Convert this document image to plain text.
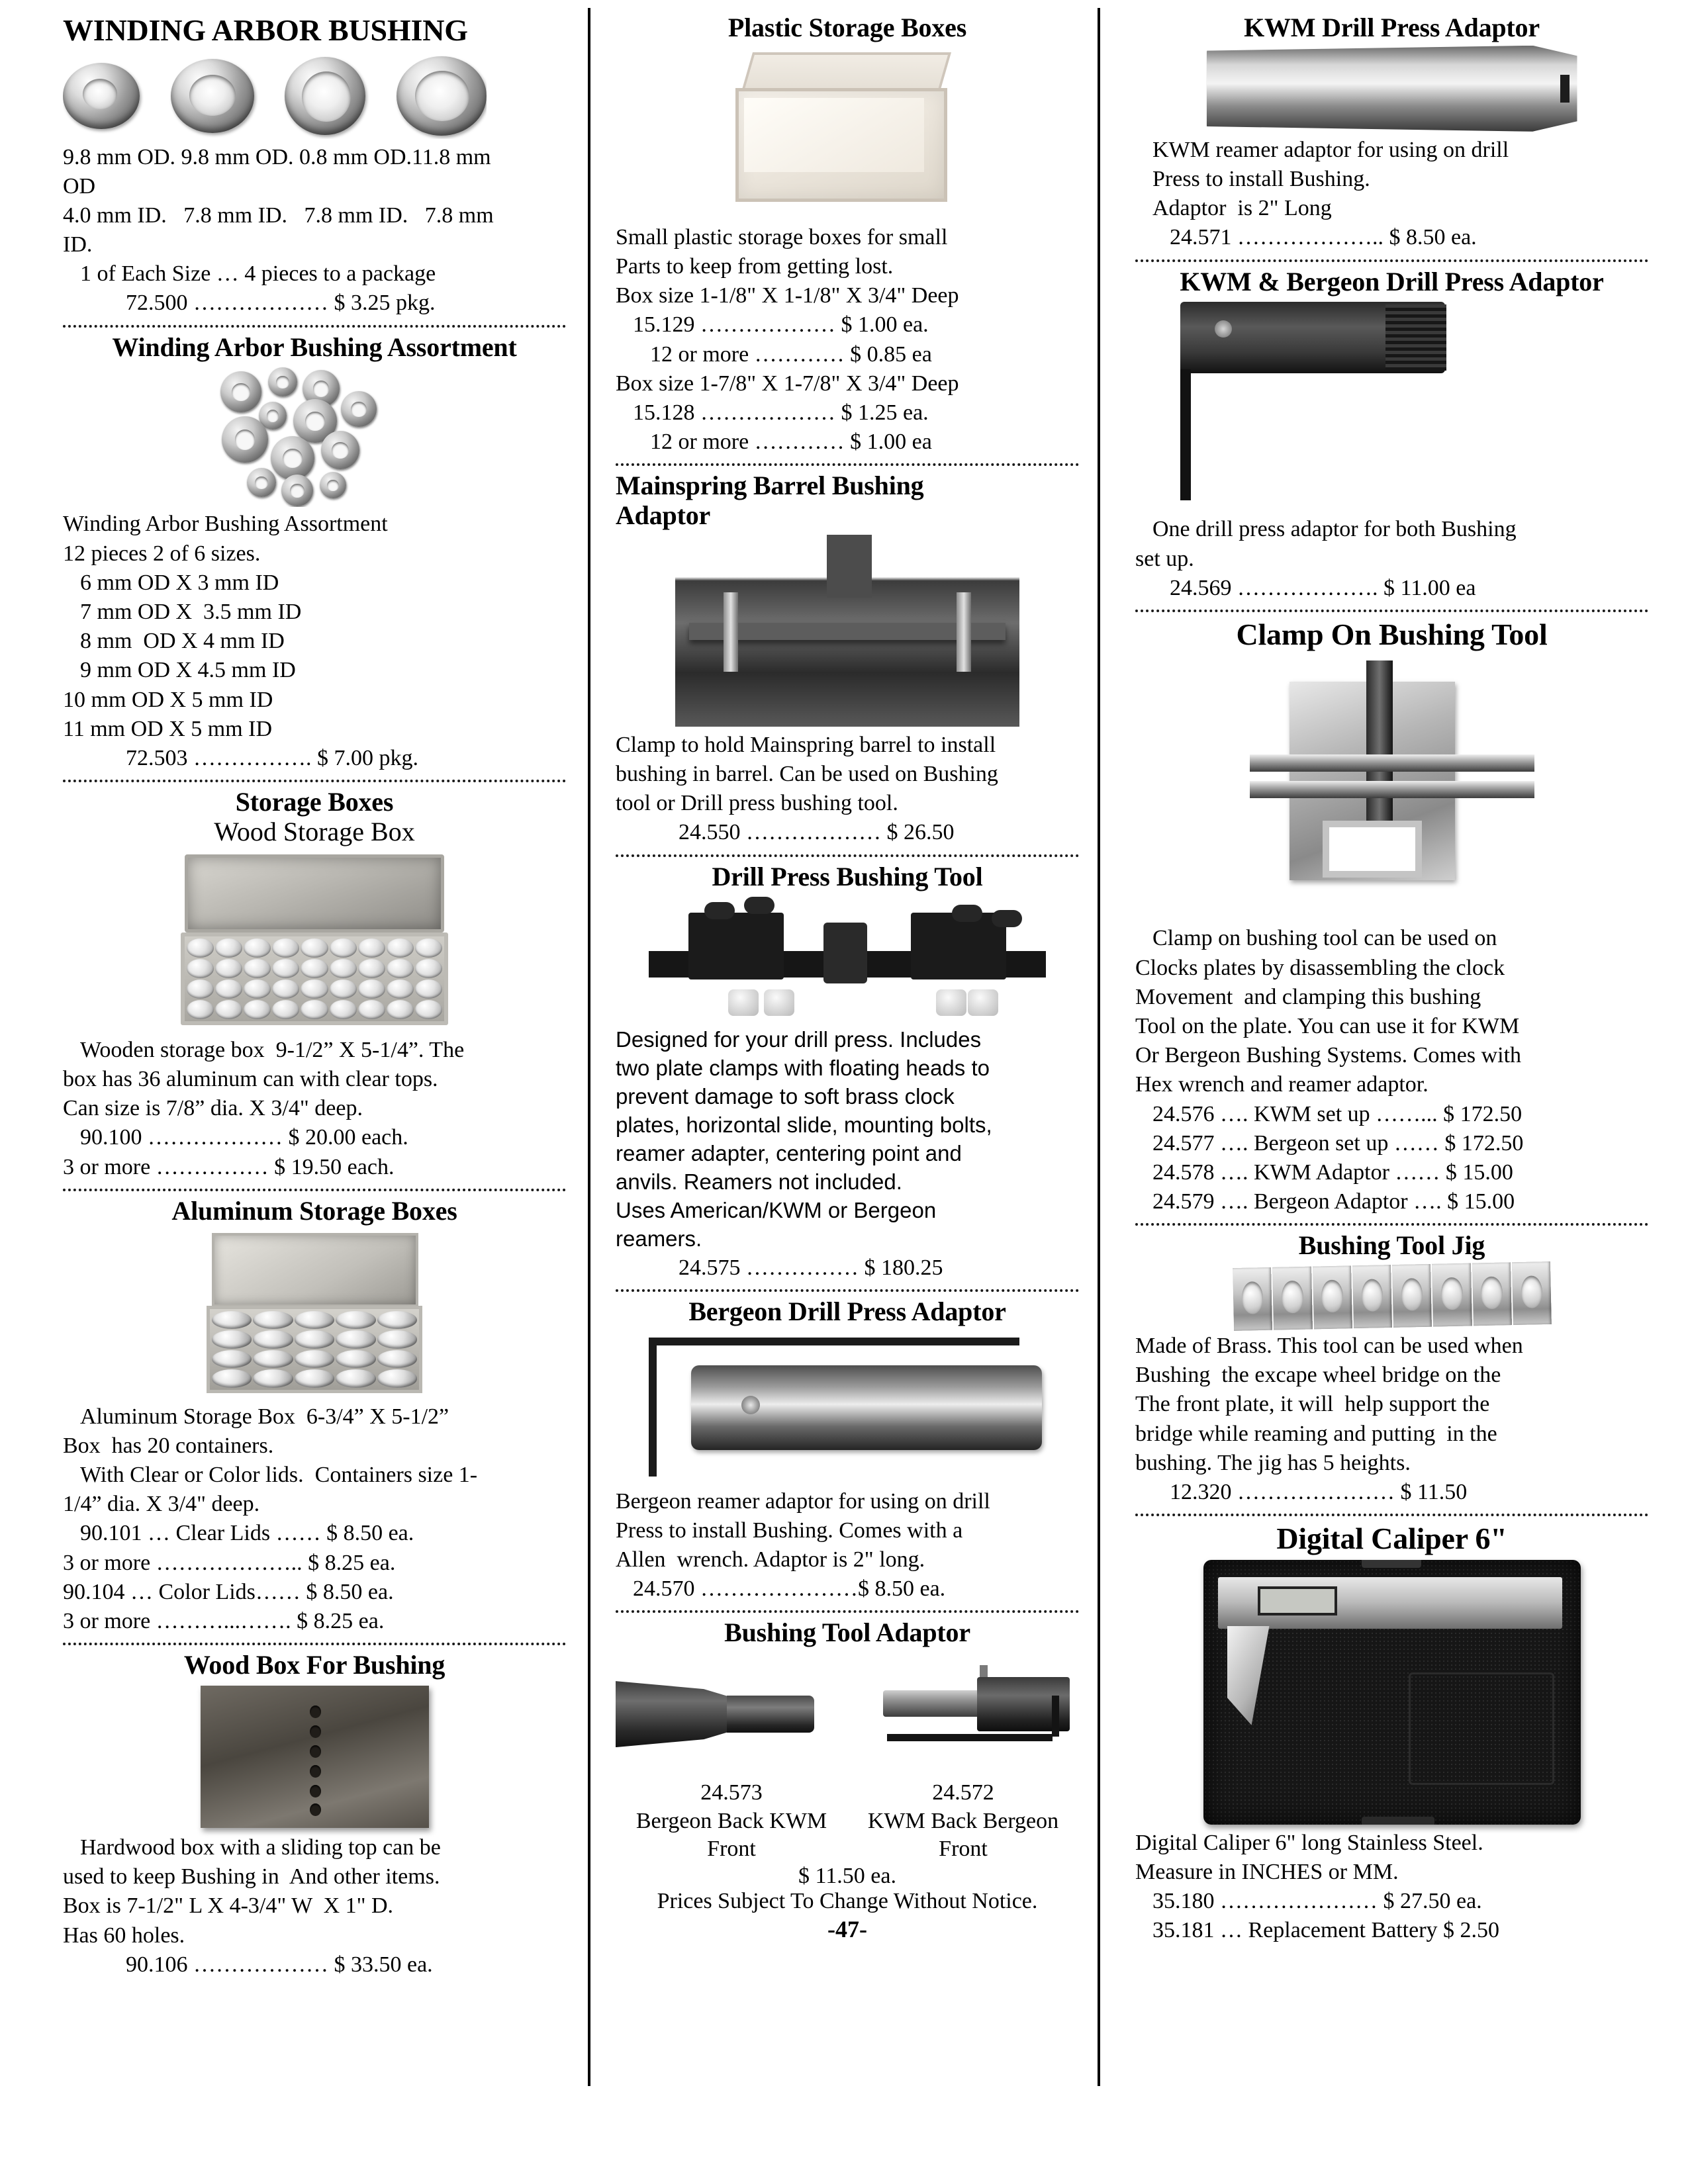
WINDING ARBOR BUSHING
9.8 mm OD. 9.8 mm OD. 0.8 mm OD.11.8 mm
OD
4.0 mm ID.   7.8 mm ID.   7.8 mm ID.   7.8 mm
ID.
1 of Each Size … 4 pieces to a package
72.500 ……………… $ 3.25 pkg.
Winding Arbor Bushing Assortment
Winding Arbor Bushing Assortment
12 pieces 2 of 6 sizes.
6 mm OD X 3 mm ID
7 mm OD X  3.5 mm ID
8 mm  OD X 4 mm ID
9 mm OD X 4.5 mm ID
10 mm OD X 5 mm ID
11 mm OD X 5 mm ID
72.503 ……………. $ 7.00 pkg.
Storage Boxes
Wood Storage Box
Wooden storage box  9-1/2” X 5-1/4”. The
box has 36 aluminum can with clear tops.
Can size is 7/8” dia. X 3/4" deep.
90.100 ……………… $ 20.00 each.
3 or more …………… $ 19.50 each.
Aluminum Storage Boxes
Aluminum Storage Box  6-3/4” X 5-1/2”
Box  has 20 containers.
With Clear or Color lids.  Containers size 1-
1/4” dia. X 3/4" deep.
90.101 … Clear Lids …… $ 8.50 ea.
3 or more ……………….. $ 8.25 ea.
90.104 … Color Lids…… $ 8.50 ea.
3 or more ………...……. $ 8.25 ea.
Wood Box For Bushing
Hardwood box with a sliding top can be
used to keep Bushing in  And other items.
Box is 7-1/2" L X 4-3/4" W  X 1" D.
Has 60 holes.
90.106 ……………… $ 33.50 ea.
Plastic Storage Boxes
Small plastic storage boxes for small
Parts to keep from getting lost.
Box size 1-1/8" X 1-1/8" X 3/4" Deep
15.129 ……………… $ 1.00 ea.
12 or more ………… $ 0.85 ea
Box size 1-7/8" X 1-7/8" X 3/4" Deep
15.128 ……………… $ 1.25 ea.
12 or more ………… $ 1.00 ea
Mainspring Barrel Bushing
Adaptor
Clamp to hold Mainspring barrel to install
bushing in barrel. Can be used on Bushing
tool or Drill press bushing tool.
24.550 ……………… $ 26.50
Drill Press Bushing Tool
Designed for your drill press. Includes
two plate clamps with floating heads to
prevent damage to soft brass clock
plates, horizontal slide, mounting bolts,
reamer adapter, centering point and
anvils. Reamers not included.
Uses American/KWM or Bergeon
reamers.
24.575 …………… $ 180.25
Bergeon Drill Press Adaptor
Bergeon reamer adaptor for using on drill
Press to install Bushing. Comes with a
Allen  wrench. Adaptor is 2" long.
24.570 …………………$ 8.50 ea.
Bushing Tool Adaptor
24.573
Bergeon Back KWM
Front
24.572
KWM Back Bergeon
Front
$ 11.50 ea.
Prices Subject To Change Without Notice.
-47-
KWM Drill Press Adaptor
KWM reamer adaptor for using on drill
Press to install Bushing.
Adaptor  is 2" Long
24.571 ……………….. $ 8.50 ea.
KWM & Bergeon Drill Press Adaptor
One drill press adaptor for both Bushing
set up.
24.569 ………………. $ 11.00 ea
Clamp On Bushing Tool
Clamp on bushing tool can be used on
Clocks plates by disassembling the clock
Movement  and clamping this bushing
Tool on the plate. You can use it for KWM
Or Bergeon Bushing Systems. Comes with
Hex wrench and reamer adaptor.
24.576 …. KWM set up ……... $ 172.50
24.577 …. Bergeon set up …… $ 172.50
24.578 …. KWM Adaptor …… $ 15.00
24.579 …. Bergeon Adaptor …. $ 15.00
Bushing Tool Jig
Made of Brass. This tool can be used when
Bushing  the excape wheel bridge on the
The front plate, it will  help support the
bridge while reaming and putting  in the
bushing. The jig has 5 heights.
12.320 ………………… $ 11.50
Digital Caliper 6"
Digital Caliper 6" long Stainless Steel.
Measure in INCHES or MM.
35.180 ………………… $ 27.50 ea.
35.181 … Replacement Battery $ 2.50
